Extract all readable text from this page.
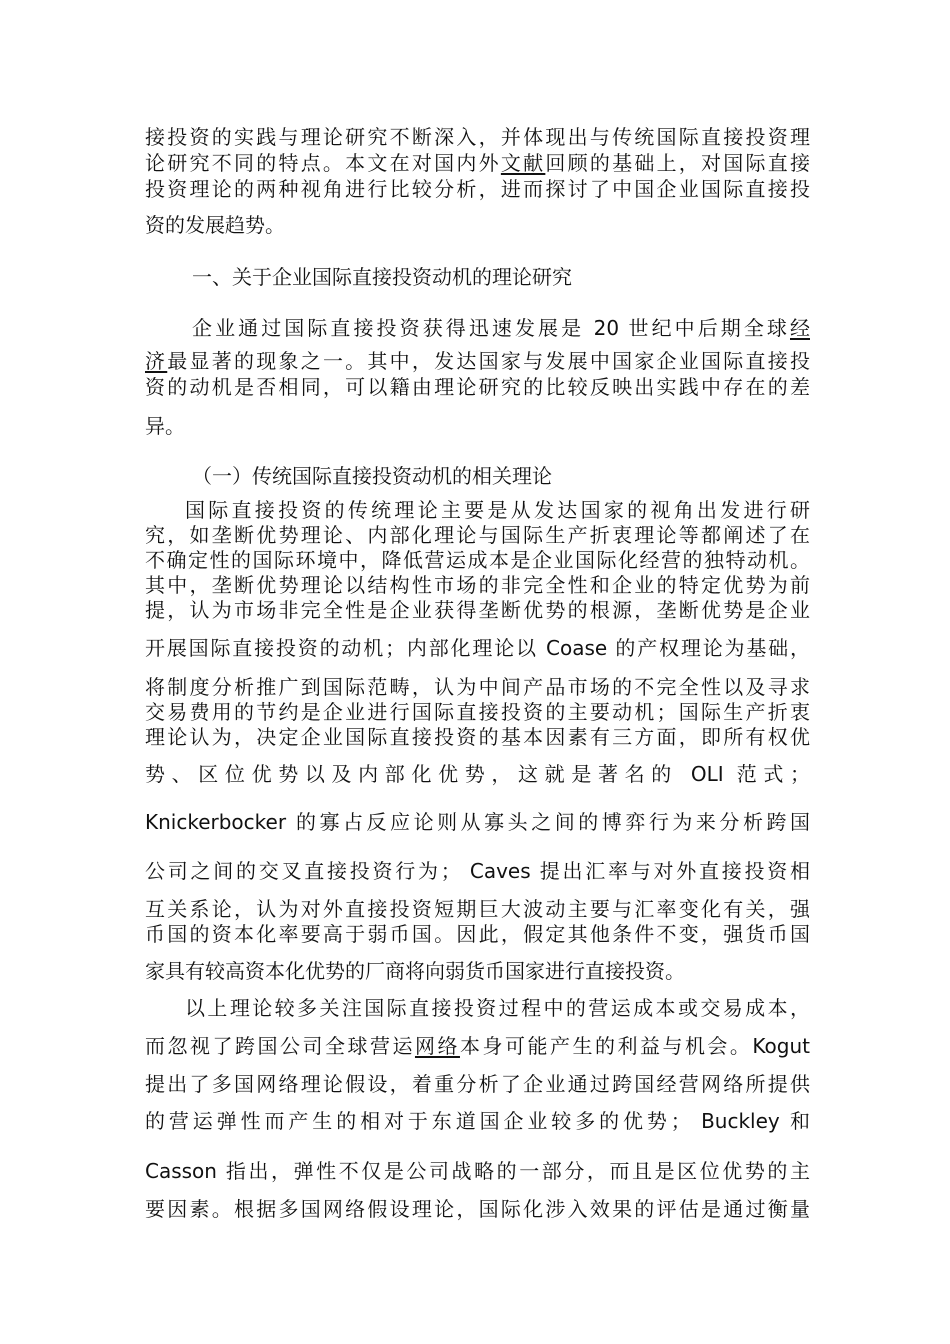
接投资的实践与理论研究不断深入，并体现出与传统国际直接投资理

论研究不同的特点。本文在对国内外文献回顾的基础上，对国际直接

投资理论的两种视角进行比较分析，进而探讨了中国企业国际直接投

资的发展趋势。

一、关于企业国际直接投资动机的理论研究

企业通过国际直接投资获得迅速发展是 20 世纪中后期全球经

济最显著的现象之一。其中，发达国家与发展中国家企业国际直接投

资的动机是否相同，可以籍由理论研究的比较反映出实践中存在的差

异。

（一）传统国际直接投资动机的相关理论

国际直接投资的传统理论主要是从发达国家的视角出发进行研

究，如垄断优势理论、内部化理论与国际生产折衷理论等都阐述了在

不确定性的国际环境中，降低营运成本是企业国际化经营的独特动机。

其中，垄断优势理论以结构性市场的非完全性和企业的特定优势为前

提，认为市场非完全性是企业获得垄断优势的根源，垄断优势是企业

开展国际直接投资的动机；内部化理论以 Coase 的产权理论为基础，

将制度分析推广到国际范畴，认为中间产品市场的不完全性以及寻求

交易费用的节约是企业进行国际直接投资的主要动机；国际生产折衷

理论认为，决定企业国际直接投资的基本因素有三方面，即所有权优

势、区位优势以及内部化优势，这就是著名的 OLI 范式；

Knickerbocker 的寡占反应论则从寡头之间的博弈行为来分析跨国

公司之间的交叉直接投资行为； Caves 提出汇率与对外直接投资相

互关系论，认为对外直接投资短期巨大波动主要与汇率变化有关，强

币国的资本化率要高于弱币国。因此，假定其他条件不变，强货币国

家具有较高资本化优势的厂商将向弱货币国家进行直接投资。

以上理论较多关注国际直接投资过程中的营运成本或交易成本，

而忽视了跨国公司全球营运网络本身可能产生的利益与机会。Kogut

提出了多国网络理论假设，着重分析了企业通过跨国经营网络所提供

的营运弹性而产生的相对于东道国企业较多的优势； Buckley 和

Casson 指出，弹性不仅是公司战略的一部分，而且是区位优势的主

要因素。根据多国网络假设理论，国际化涉入效果的评估是通过衡量
